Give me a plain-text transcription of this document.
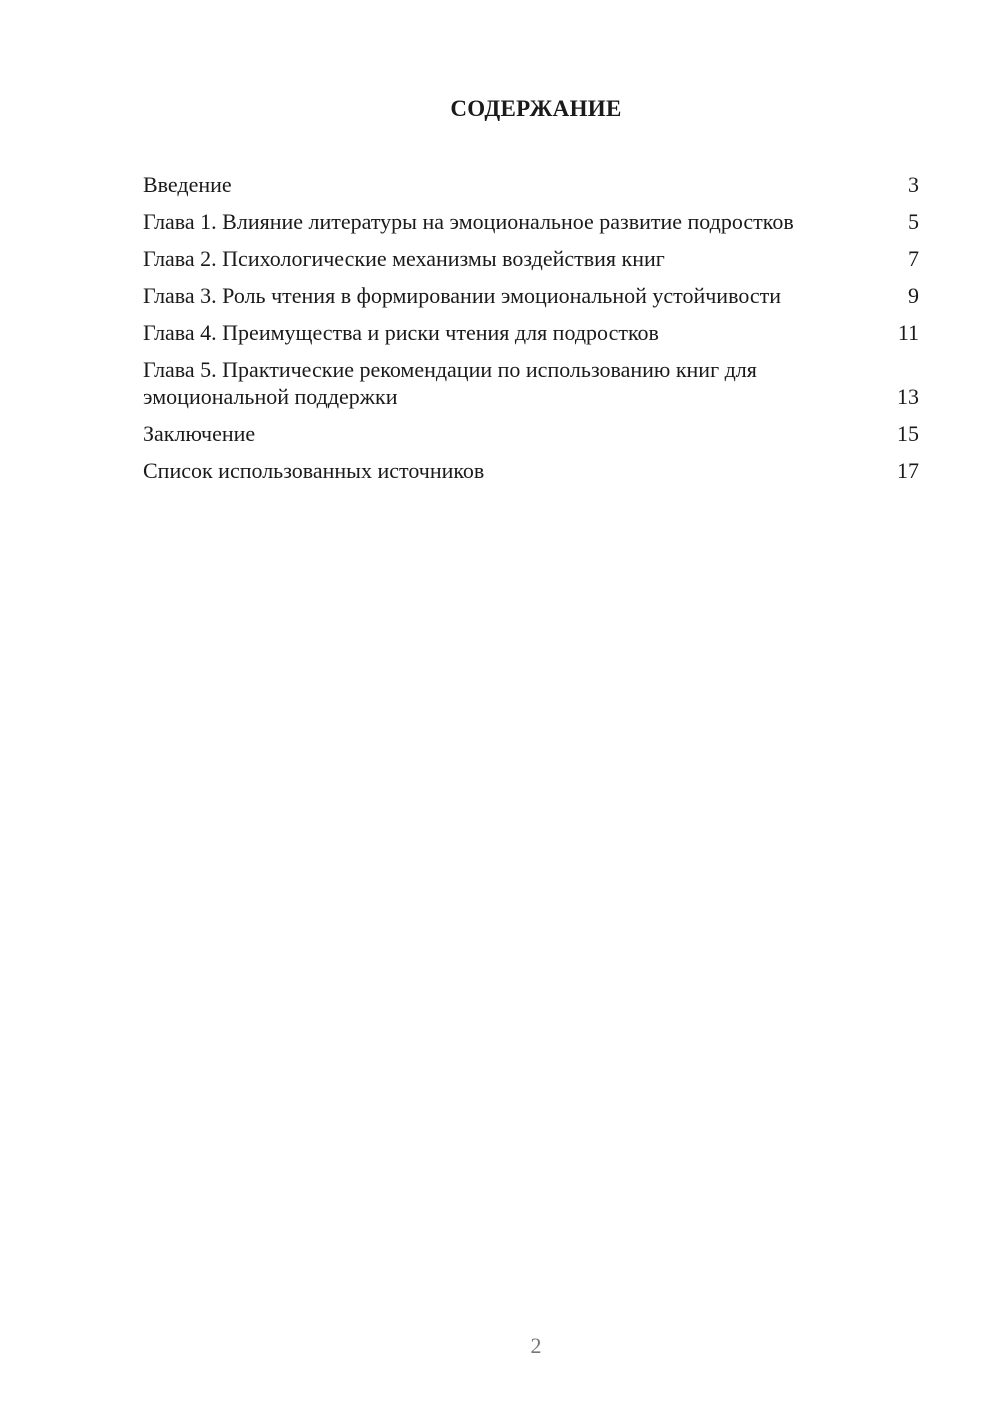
СОДЕРЖАНИЕ
Введение	3
Глава 1. Влияние литературы на эмоциональное развитие подростков	5
Глава 2. Психологические механизмы воздействия книг	7
Глава 3. Роль чтения в формировании эмоциональной устойчивости	9
Глава 4. Преимущества и риски чтения для подростков	11
Глава 5. Практические рекомендации по использованию книг для эмоциональной поддержки	13
Заключение	15
Список использованных источников	17
2
